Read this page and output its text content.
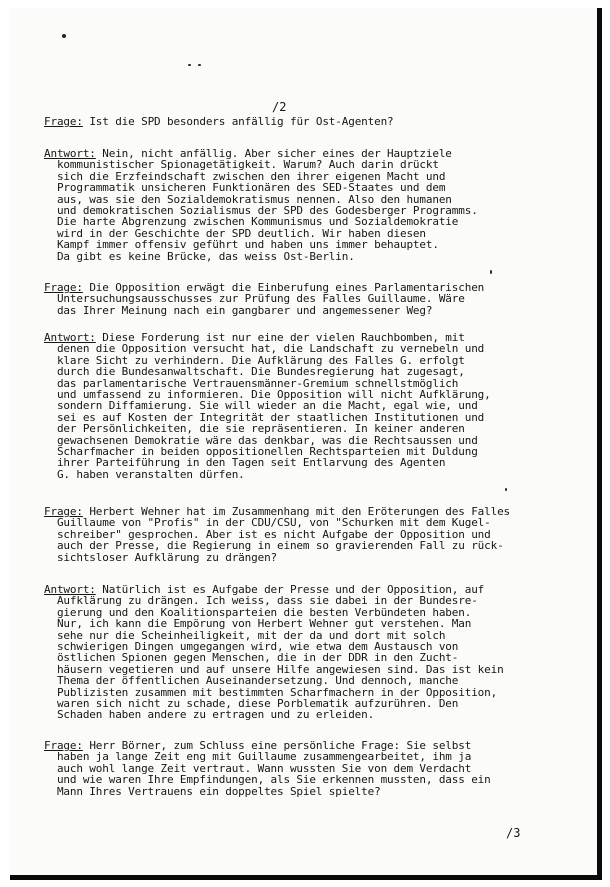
/2
Frage: Ist die SPD besonders anfällig für Ost-Agenten?
Antwort: Nein, nicht anfällig. Aber sicher eines der Hauptziele
kommunistischer Spionagetätigkeit. Warum? Auch darin drückt
sich die Erzfeindschaft zwischen den ihrer eigenen Macht und
Programmatik unsicheren Funktionären des SED-Staates und dem
aus, was sie den Sozialdemokratismus nennen. Also den humanen
und demokratischen Sozialismus der SPD des Godesberger Programms.
Die harte Abgrenzung zwischen Kommunismus und Sozialdemokratie
wird in der Geschichte der SPD deutlich. Wir haben diesen
Kampf immer offensiv geführt und haben uns immer behauptet.
Da gibt es keine Brücke, das weiss Ost-Berlin.
Frage: Die Opposition erwägt die Einberufung eines Parlamentarischen
Untersuchungsausschusses zur Prüfung des Falles Guillaume. Wäre
das Ihrer Meinung nach ein gangbarer und angemessener Weg?
Antwort: Diese Forderung ist nur eine der vielen Rauchbomben, mit
denen die Opposition versucht hat, die Landschaft zu vernebeln und
klare Sicht zu verhindern. Die Aufklärung des Falles G. erfolgt
durch die Bundesanwaltschaft. Die Bundesregierung hat zugesagt,
das parlamentarische Vertrauensmänner-Gremium schnellstmöglich
und umfassend zu informieren. Die Opposition will nicht Aufklärung,
sondern Diffamierung. Sie will wieder an die Macht, egal wie, und
sei es auf Kosten der Integrität der staatlichen Institutionen und
der Persönlichkeiten, die sie repräsentieren. In keiner anderen
gewachsenen Demokratie wäre das denkbar, was die Rechtsaussen und
Scharfmacher in beiden oppositionellen Rechtsparteien mit Duldung
ihrer Parteiführung in den Tagen seit Entlarvung des Agenten
G. haben veranstalten dürfen.
Frage: Herbert Wehner hat im Zusammenhang mit den Eröterungen des Falles
Guillaume von "Profis" in der CDU/CSU, von "Schurken mit dem Kugel-
schreiber" gesprochen. Aber ist es nicht Aufgabe der Opposition und
auch der Presse, die Regierung in einem so gravierenden Fall zu rück-
sichtsloser Aufklärung zu drängen?
Antwort: Natürlich ist es Aufgabe der Presse und der Opposition, auf
Aufklärung zu drängen. Ich weiss, dass sie dabei in der Bundesre-
gierung und den Koalitionsparteien die besten Verbündeten haben.
Nur, ich kann die Empörung von Herbert Wehner gut verstehen. Man
sehe nur die Scheinheiligkeit, mit der da und dort mit solch
schwierigen Dingen umgegangen wird, wie etwa dem Austausch von
östlichen Spionen gegen Menschen, die in der DDR in den Zucht-
häusern vegetieren und auf unsere Hilfe angewiesen sind. Das ist kein
Thema der öffentlichen Auseinandersetzung. Und dennoch, manche
Publizisten zusammen mit bestimmten Scharfmachern in der Opposition,
waren sich nicht zu schade, diese Porblematik aufzurühren. Den
Schaden haben andere zu ertragen und zu erleiden.
Frage: Herr Börner, zum Schluss eine persönliche Frage: Sie selbst
haben ja lange Zeit eng mit Guillaume zusammengearbeitet, ihm ja
auch wohl lange Zeit vertraut. Wann wussten Sie von dem Verdacht
und wie waren Ihre Empfindungen, als Sie erkennen mussten, dass ein
Mann Ihres Vertrauens ein doppeltes Spiel spielte?
/3
